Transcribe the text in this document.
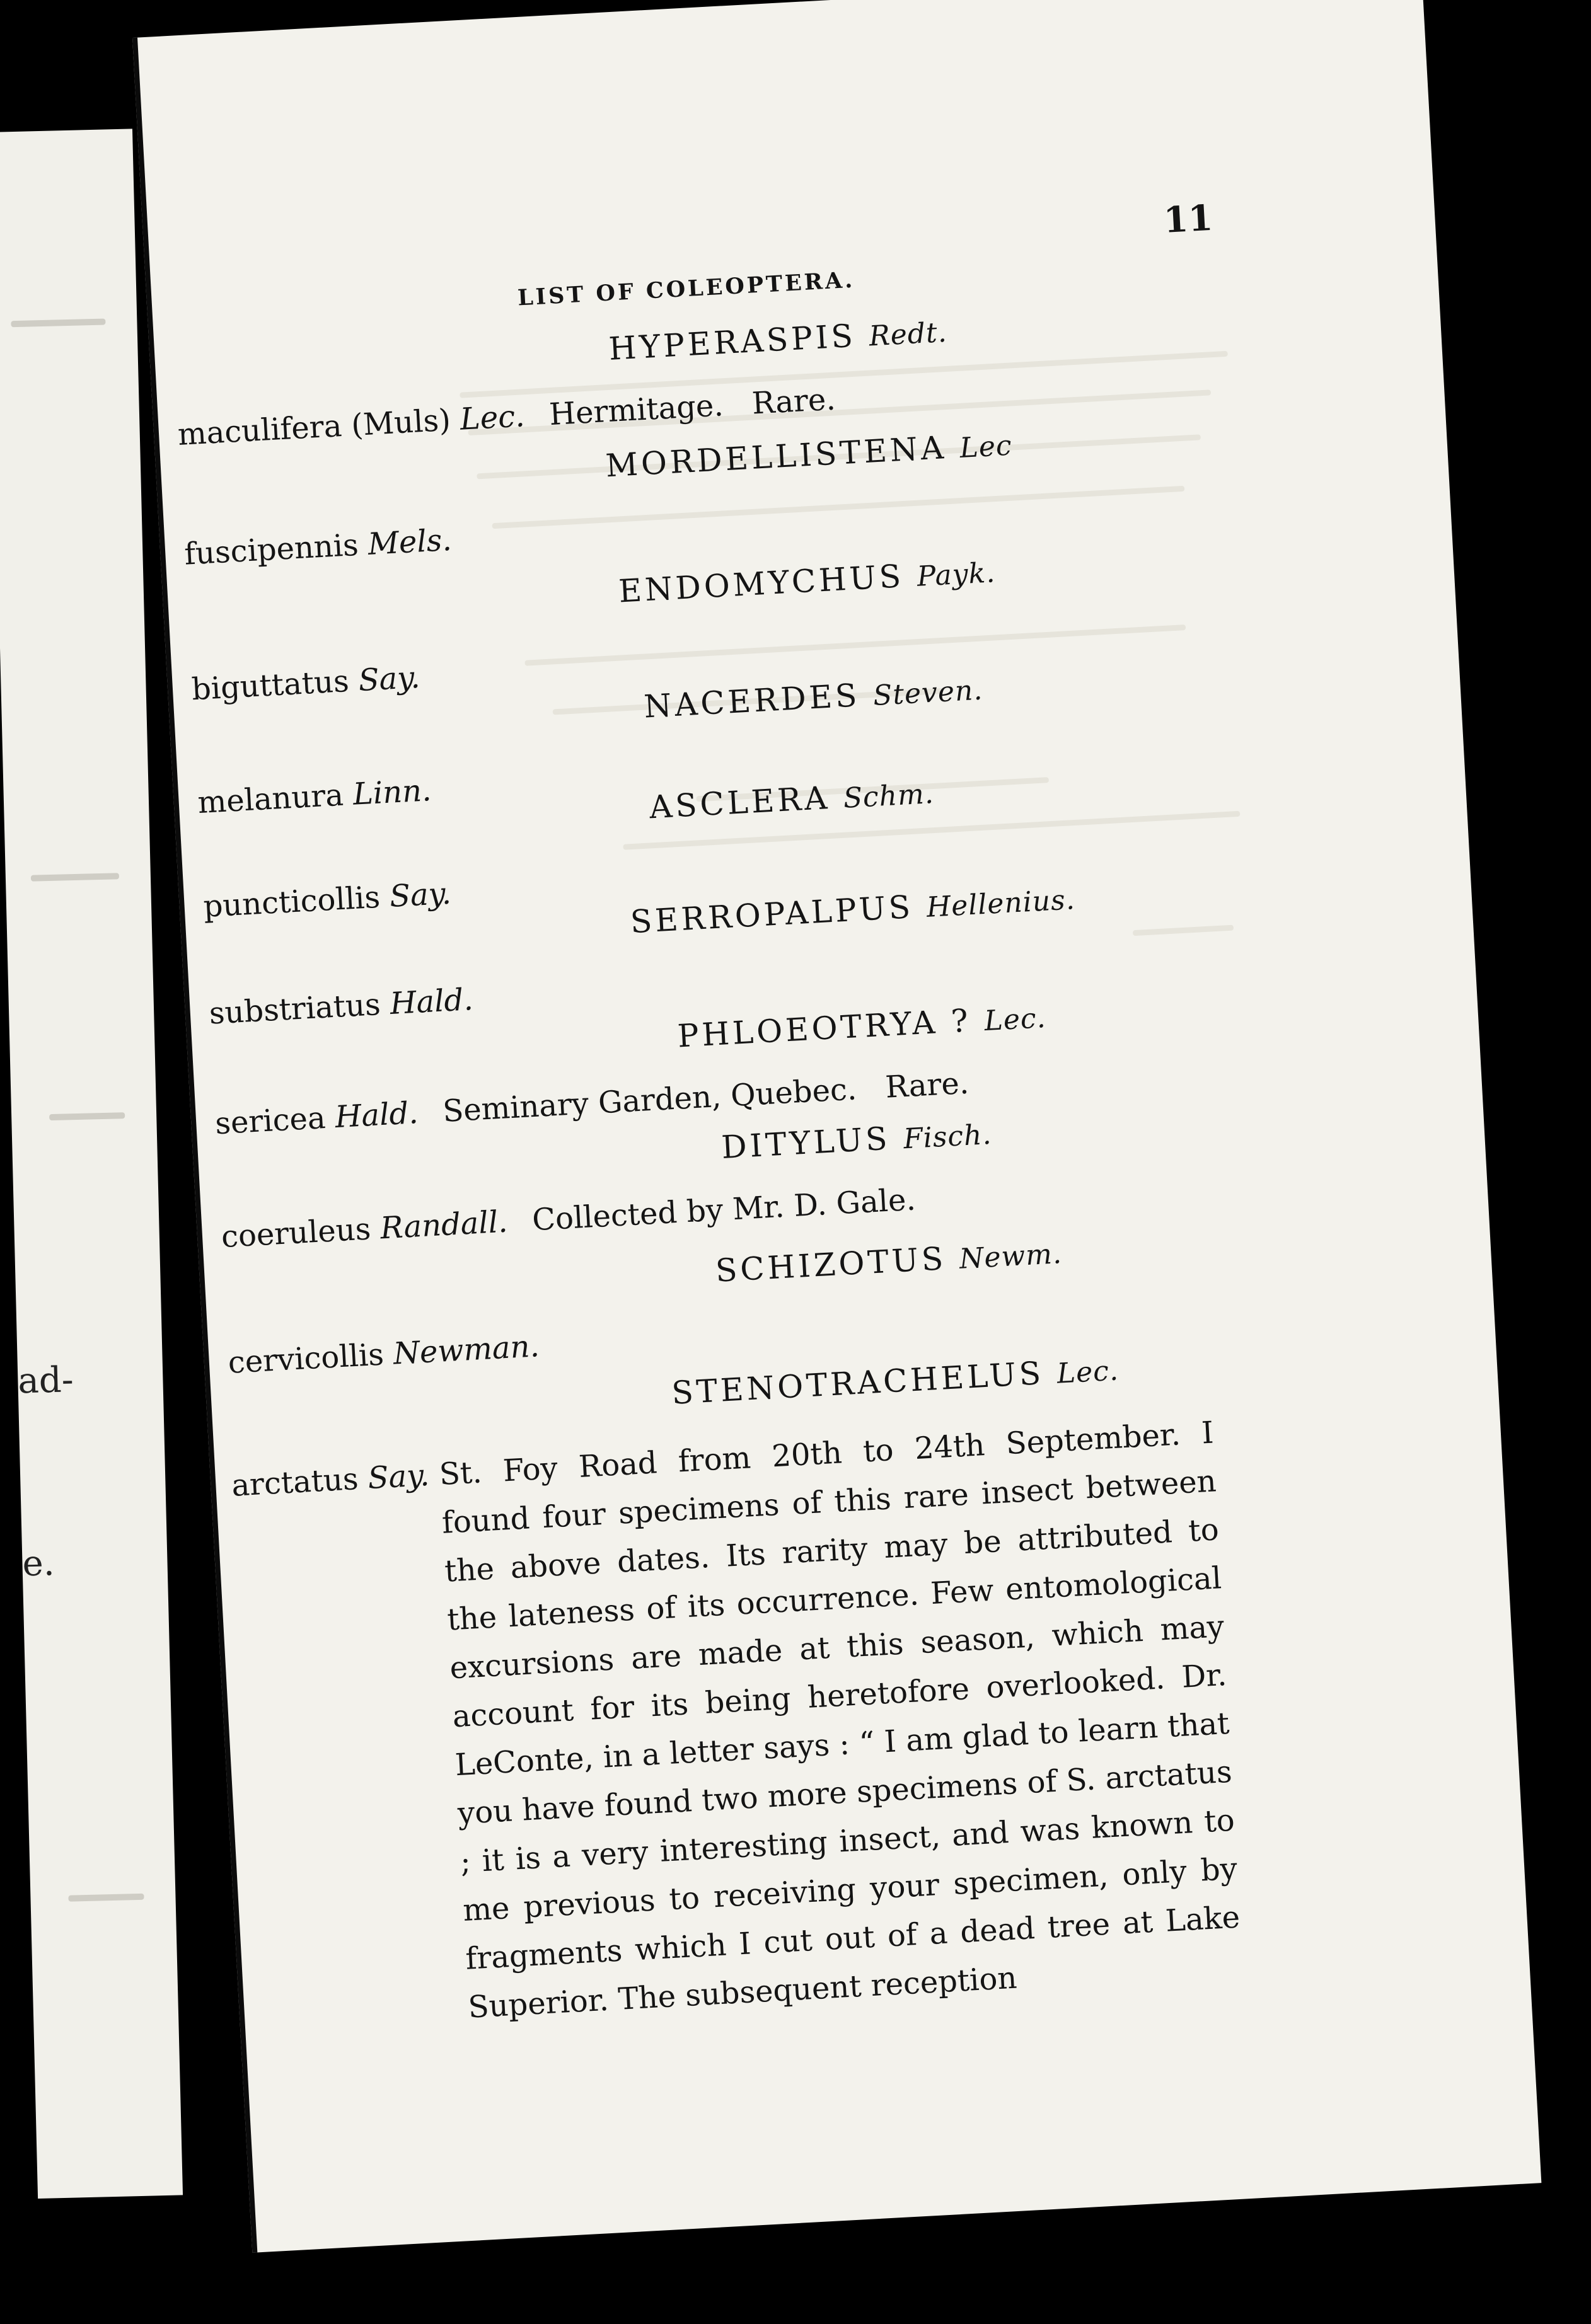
ad-
e.
11
LIST OF COLEOPTERA.
HYPERASPIS Redt.
maculifera (Muls) Lec. Hermitage.   Rare.
MORDELLISTENA Lec
fuscipennis Mels.
ENDOMYCHUS Payk.
biguttatus Say.	NACERDES Steven.
melanura Linn.	ASCLERA Schm.
puncticollis Say.	SERROPALPUS Hellenius.
substriatus Hald.
PHLOEOTRYA ? Lec.
sericea Hald. Seminary Garden, Quebec.   Rare.
DITYLUS Fisch.
coeruleus Randall. Collected by Mr. D. Gale.
SCHIZOTUS Newm.
cervicollis Newman.
STENOTRACHELUS Lec.
arctatus Say. St. Foy Road from 20th to 24th September. I found four specimens of this rare insect between the above dates. Its rarity may be attributed to the lateness of its occurrence. Few entomological excursions are made at this season, which may account for its being heretofore overlooked. Dr. LeConte, in a letter says : “ I am glad to learn that you have found two more specimens of S. arctatus ; it is a very interesting insect, and was known to me previous to receiving your specimen, only by fragments which I cut out of a dead tree at Lake Superior. The subsequent reception
